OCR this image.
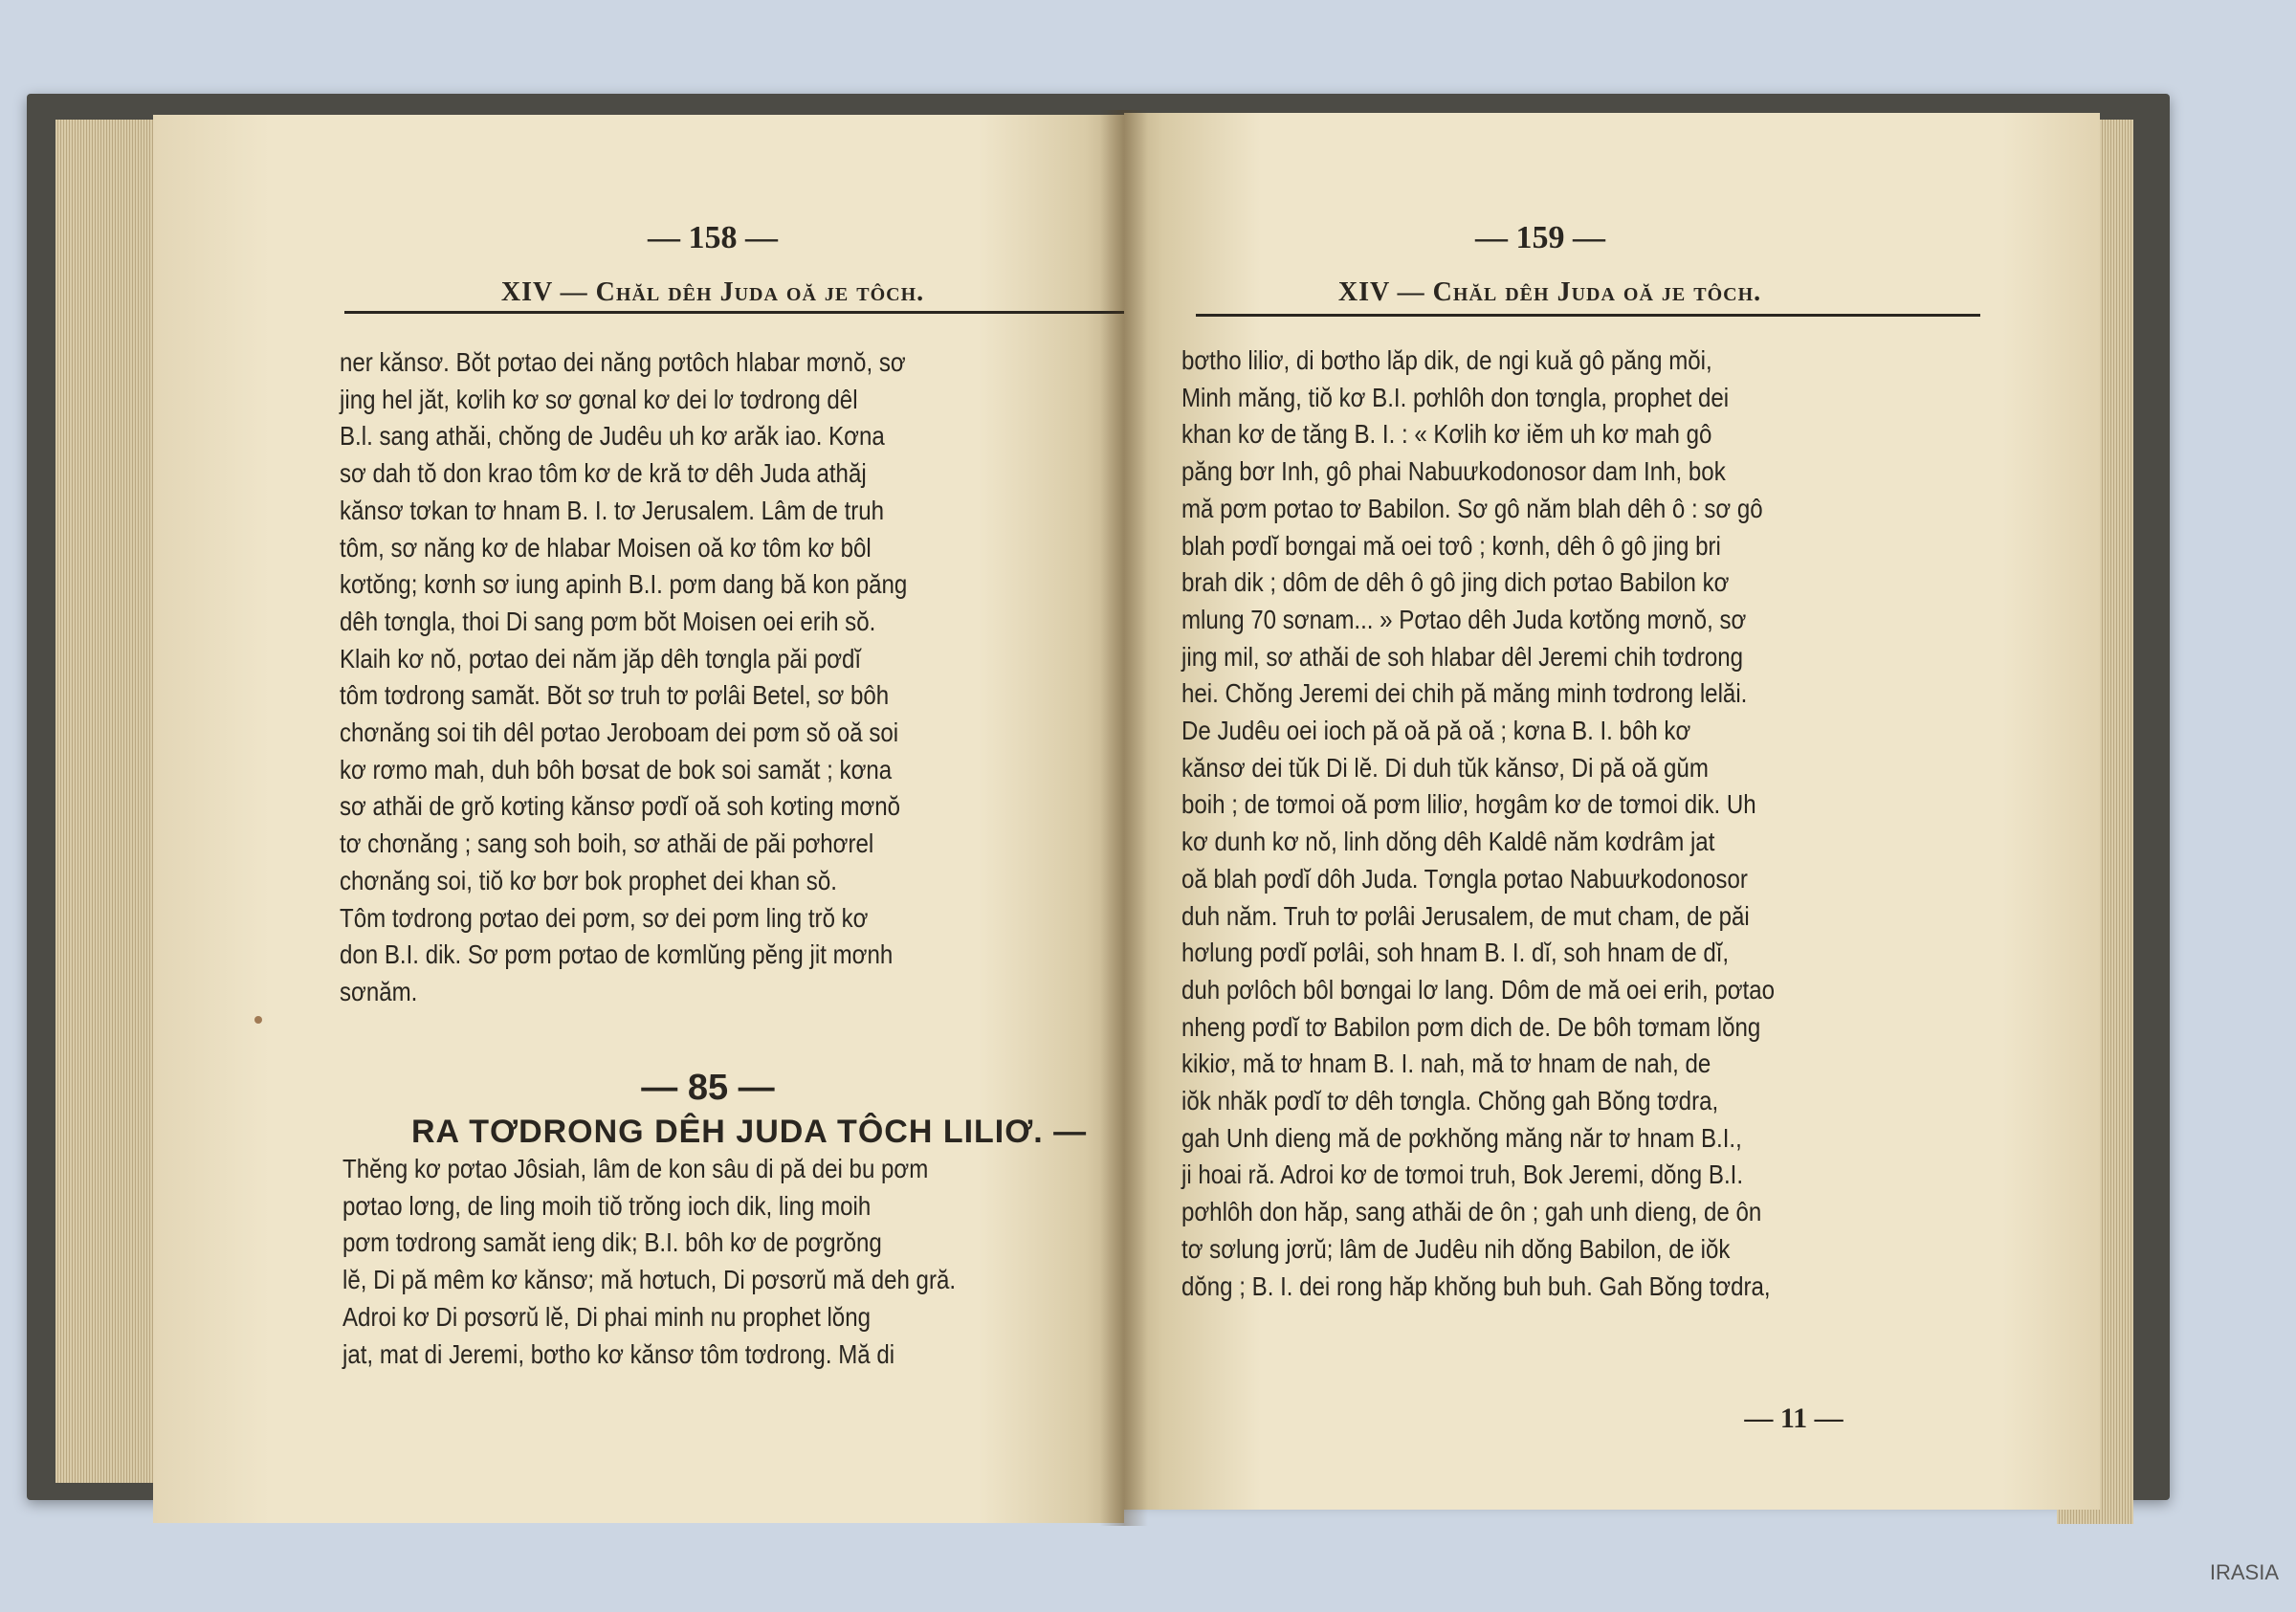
— 158 —
XIV — Chăl dêh Juda oă je tôch.
ner kănsơ. Bŏt pơtao dei năng pơtôch hlabar mơnŏ, sơ
jing hel jăt, kơlih kơ sơ gơnal kơ dei lơ tơdrong dêl
B.l. sang athăi, chŏng de Judêu uh kơ arăk iao. Kơna
sơ dah tŏ don krao tôm kơ de kră tơ dêh Juda athăj
kănsơ tơkan tơ hnam B. I. tơ Jerusalem. Lâm de truh
tôm, sơ năng kơ de hlabar Moisen oă kơ tôm kơ bôl
kơtŏng; kơnh sơ iung apinh B.I. pơm dang bă kon păng
dêh tơngla, thoi Di sang pơm bŏt Moisen oei erih sŏ.
Klaih kơ nŏ, pơtao dei năm jăp dêh tơngla păi pơdĭ
tôm tơdrong samăt. Bŏt sơ truh tơ pơlâi Betel, sơ bôh
chơnăng soi tih dêl pơtao Jeroboam dei pơm sŏ oă soi
kơ rơmo mah, duh bôh bơsat de bok soi samăt ; kơna
sơ athăi de grŏ kơting kănsơ pơdĭ oă soh kơting mơnŏ
tơ chơnăng ; sang soh boih, sơ athăi de păi pơhơrel
chơnăng soi, tiŏ kơ bơr bok prophet dei khan sŏ.
Tôm tơdrong pơtao dei pơm, sơ dei pơm ling trŏ kơ
don B.I. dik. Sơ pơm pơtao de kơmlŭng pĕng jit mơnh
sơnăm.
— 85 —
RA TƠDRONG DÊH JUDA TÔCH LILIƠ. —
Thĕng kơ pơtao Jôsiah, lâm de kon sâu di pă dei bu pơm
pơtao lơng, de ling moih tiŏ trŏng ioch dik, ling moih
pơm tơdrong samăt ieng dik; B.I. bôh kơ de pơgrŏng
lĕ, Di pă mêm kơ kănsơ; mă hơtuch, Di pơsơrŭ mă deh gră.
Adroi kơ Di pơsơrŭ lĕ, Di phai minh nu prophet lŏng
jat, mat di Jeremi, bơtho kơ kănsơ tôm tơdrong. Mă di
— 159 —
XIV — Chăl dêh Juda oă je tôch.
bơtho liliơ, di bơtho lăp dik, de ngi kuă gô păng mŏi,
Minh măng, tiŏ kơ B.I. pơhlôh don tơngla, prophet dei
khan kơ de tăng B. I. : « Kơlih kơ iĕm uh kơ mah gô
păng bơr Inh, gô phai Nabuưkodonosor dam Inh, bok
mă pơm pơtao tơ Babilon. Sơ gô năm blah dêh ô : sơ gô
blah pơdĭ bơngai mă oei tơô ; kơnh, dêh ô gô jing bri
brah dik ; dôm de dêh ô gô jing dich pơtao Babilon kơ
mlung 70 sơnam... » Pơtao dêh Juda kơtŏng mơnŏ, sơ
jing mil, sơ athăi de soh hlabar dêl Jeremi chih tơdrong
hei. Chŏng Jeremi dei chih pă măng minh tơdrong lelăi.
De Judêu oei ioch pă oă pă oă ; kơna B. I. bôh kơ
kănsơ dei tŭk Di lĕ. Di duh tŭk kănsơ, Di pă oă gŭm
boih ; de tơmoi oă pơm liliơ, hơgâm kơ de tơmoi dik. Uh
kơ dunh kơ nŏ, linh dŏng dêh Kaldê năm kơdrâm jat
oă blah pơdĭ dôh Juda. Tơngla pơtao Nabuưkodonosor
duh năm. Truh tơ pơlâi Jerusalem, de mut cham, de păi
hơlung pơdĭ pơlâi, soh hnam B. I. dĭ, soh hnam de dĭ,
duh pơlôch bôl bơngai lơ lang. Dôm de mă oei erih, pơtao
nheng pơdĭ tơ Babilon pơm dich de. De bôh tơmam lŏng
kikiơ, mă tơ hnam B. I. nah, mă tơ hnam de nah, de
iŏk nhăk pơdĭ tơ dêh tơngla. Chŏng gah Bŏng tơdra,
gah Unh dieng mă de pơkhŏng măng năr tơ hnam B.I.,
ji hoai ră. Adroi kơ de tơmoi truh, Bok Jeremi, dŏng B.I.
pơhlôh don hăp, sang athăi de ôn ; gah unh dieng, de ôn
tơ sơlung jơrŭ; lâm de Judêu nih dŏng Babilon, de iŏk
dŏng ; B. I. dei rong hăp khŏng buh buh. Gah Bŏng tơdra,
— 11 —
IRASIA
